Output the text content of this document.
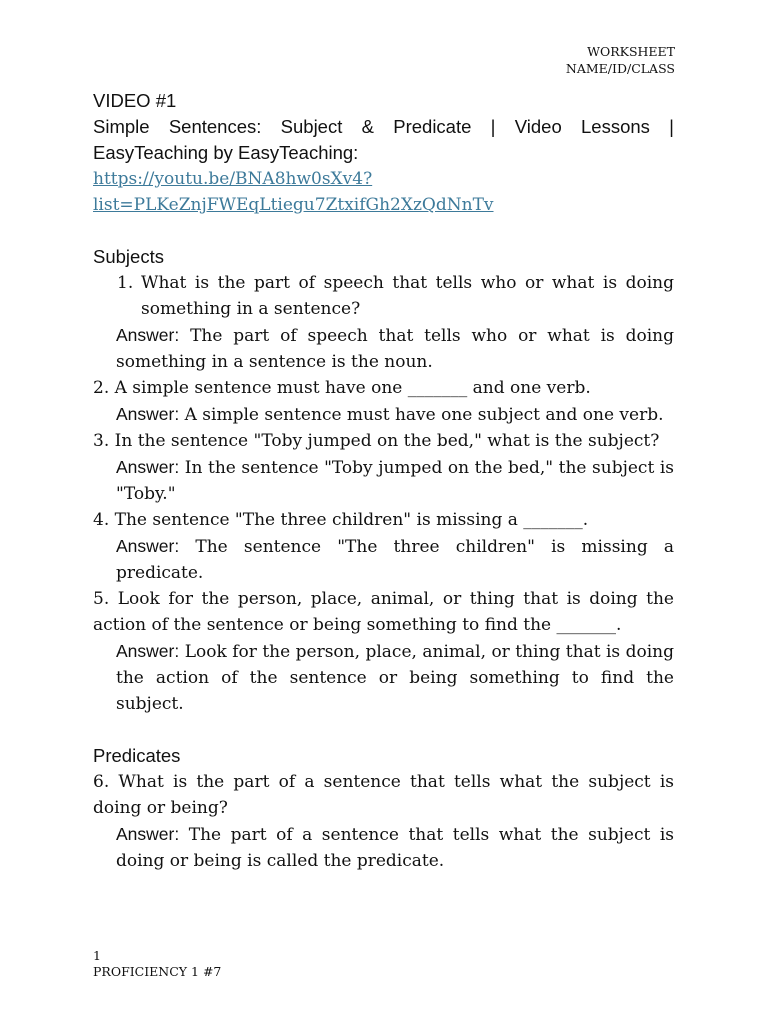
WORKSHEET
NAME/ID/CLASS
VIDEO #1
Simple Sentences: Subject & Predicate | Video Lessons | EasyTeaching by EasyTeaching:
https://youtu.be/BNA8hw0sXv4?
list=PLKeZnjFWEqLtiegu7ZtxifGh2XzQdNnTv
Subjects
1. What is the part of speech that tells who or what is doing something in a sentence?
Answer: The part of speech that tells who or what is doing something in a sentence is the noun.
2. A simple sentence must have one _______ and one verb.
Answer: A simple sentence must have one subject and one verb.
3. In the sentence "Toby jumped on the bed," what is the subject?
Answer: In the sentence "Toby jumped on the bed," the subject is "Toby."
4. The sentence "The three children" is missing a _______.
Answer: The sentence "The three children" is missing a predicate.
5. Look for the person, place, animal, or thing that is doing the action of the sentence or being something to find the _______.
Answer: Look for the person, place, animal, or thing that is doing the action of the sentence or being something to find the subject.
Predicates
6. What is the part of a sentence that tells what the subject is doing or being?
Answer: The part of a sentence that tells what the subject is doing or being is called the predicate.
1
PROFICIENCY 1 #7
